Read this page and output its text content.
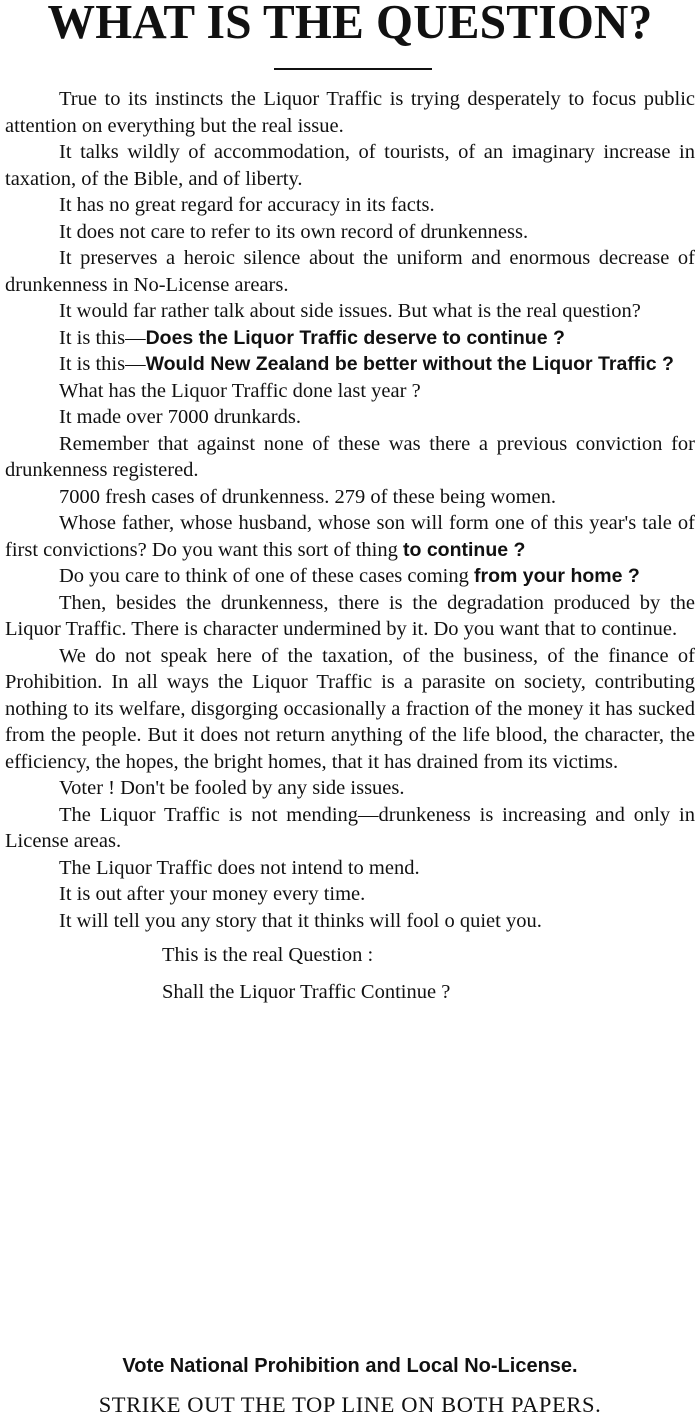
WHAT IS THE QUESTION?

True to its instincts the Liquor Traffic is trying desperately to focus public attention on everything but the real issue.

It talks wildly of accommodation, of tourists, of an imaginary increase in taxation, of the Bible, and of liberty.

It has no great regard for accuracy in its facts.

It does not care to refer to its own record of drunkenness.

It preserves a heroic silence about the uniform and enormous decrease of drunkenness in No-License arears.

It would far rather talk about side issues. But what is the real question?

It is this—Does the Liquor Traffic deserve to continue ?

It is this—Would New Zealand be better without the Liquor Traffic ?

What has the Liquor Traffic done last year ?

It made over 7000 drunkards.

Remember that against none of these was there a previous conviction for drunkenness registered.

7000 fresh cases of drunkenness. 279 of these being women.

Whose father, whose husband, whose son will form one of this year's tale of first convictions? Do you want this sort of thing to continue ?

Do you care to think of one of these cases coming from your home ?

Then, besides the drunkenness, there is the degradation produced by the Liquor Traffic. There is character undermined by it. Do you want that to continue.

We do not speak here of the taxation, of the business, of the finance of Prohibition. In all ways the Liquor Traffic is a parasite on society, contributing nothing to its welfare, disgorging occasionally a fraction of the money it has sucked from the people. But it does not return anything of the life blood, the character, the efficiency, the hopes, the bright homes, that it has drained from its victims.

Voter ! Don't be fooled by any side issues.

The Liquor Traffic is not mending—drunkeness is increasing and only in License areas.

The Liquor Traffic does not intend to mend.

It is out after your money every time.

It will tell you any story that it thinks will fool o quiet you.

This is the real Question :

Shall the Liquor Traffic Continue ?

Vote National Prohibition and Local No-License.
STRIKE OUT THE TOP LINE ON BOTH PAPERS.
